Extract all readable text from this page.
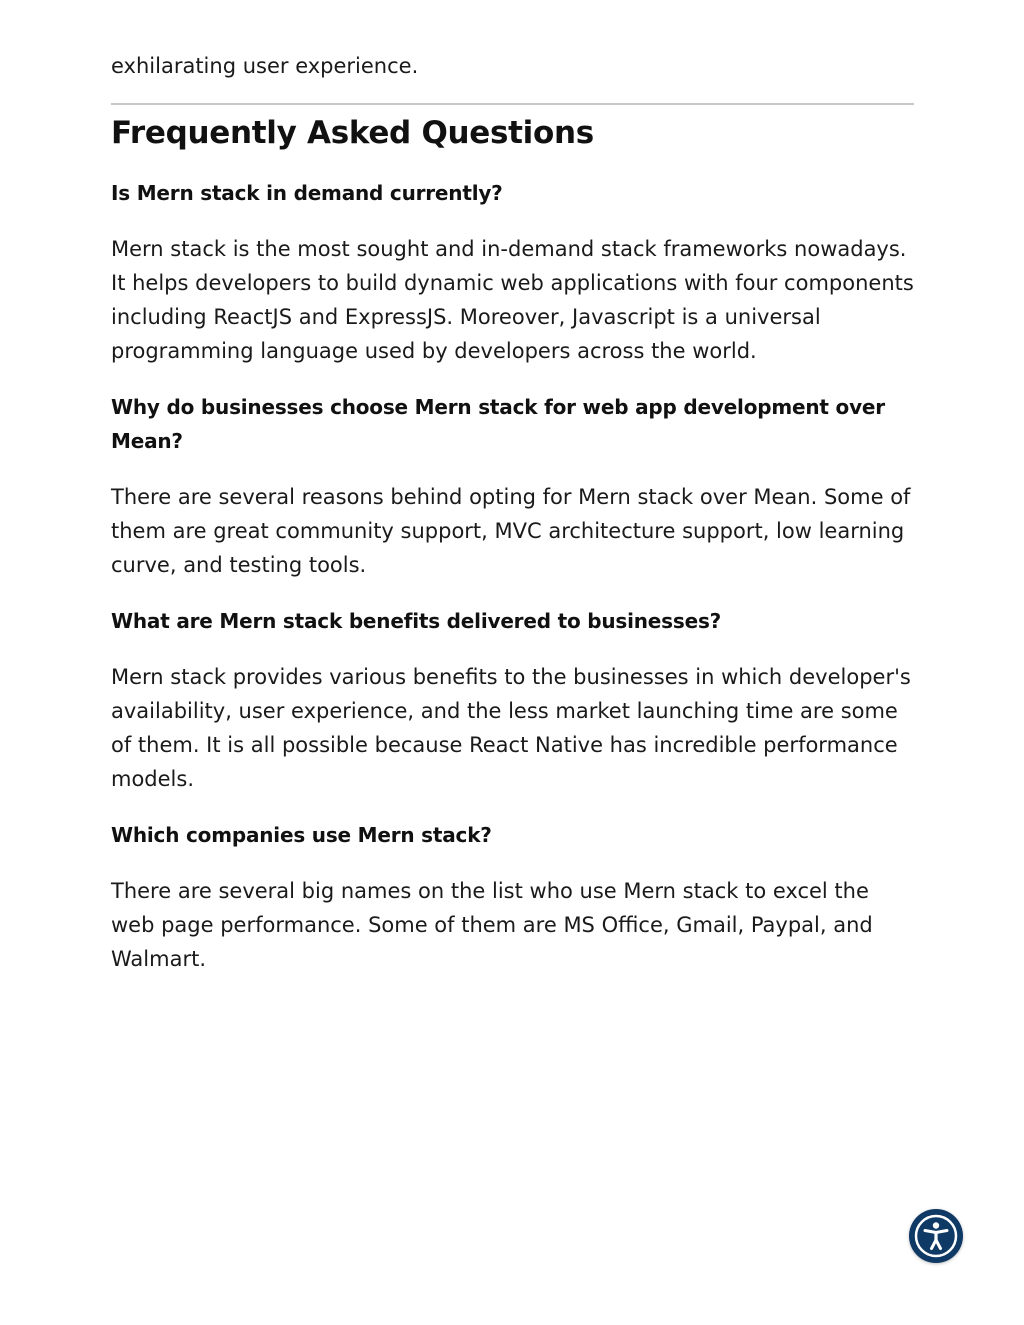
exhilarating user experience.

Frequently Asked Questions

Is Mern stack in demand currently?

Mern stack is the most sought and in-demand stack frameworks nowadays. It helps developers to build dynamic web applications with four components including ReactJS and ExpressJS. Moreover, Javascript is a universal programming language used by developers across the world.

Why do businesses choose Mern stack for web app development over Mean?

There are several reasons behind opting for Mern stack over Mean. Some of them are great community support, MVC architecture support, low learning curve, and testing tools.

What are Mern stack benefits delivered to businesses?

Mern stack provides various benefits to the businesses in which developer's availability, user experience, and the less market launching time are some of them. It is all possible because React Native has incredible performance models.

Which companies use Mern stack?

There are several big names on the list who use Mern stack to excel the web page performance. Some of them are MS Office, Gmail, Paypal, and Walmart.
